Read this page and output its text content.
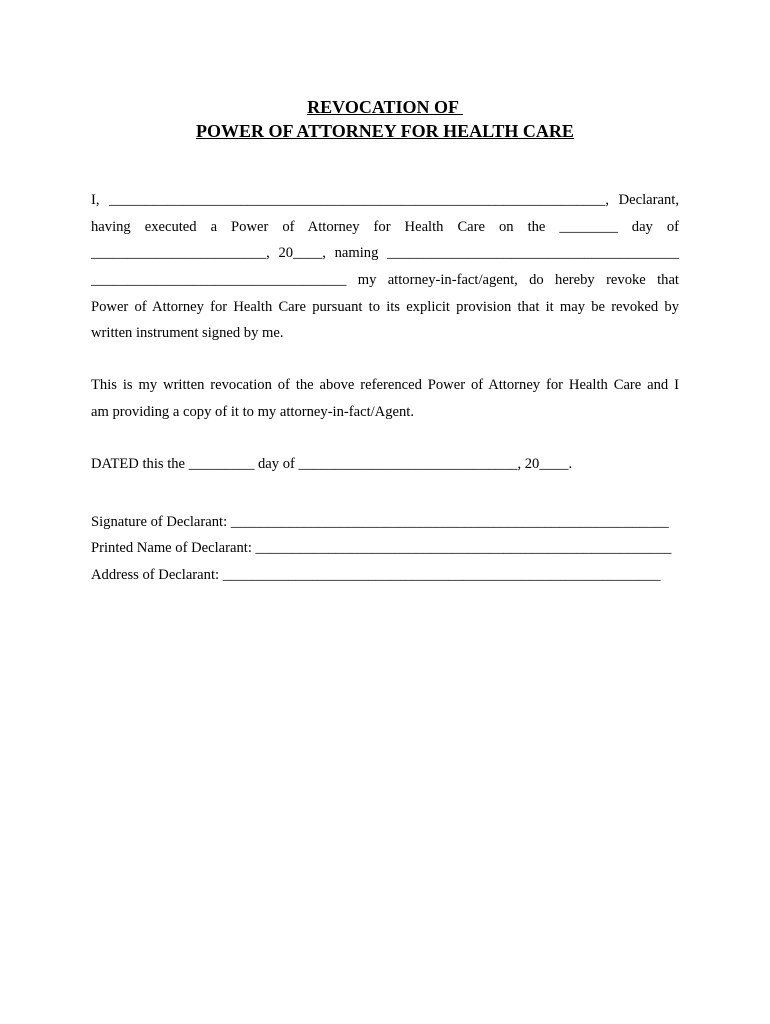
REVOCATION OF
POWER OF ATTORNEY FOR HEALTH CARE
I, ____________________________________________________________________, Declarant,
having executed a Power of Attorney for Health Care on the ________ day of
________________________, 20____, naming ________________________________________
___________________________________ my attorney-in-fact/agent, do hereby revoke that
Power of Attorney for Health Care pursuant to its explicit provision that it may be revoked by
written instrument signed by me.
This is my written revocation of the above referenced Power of Attorney for Health Care and I
am providing a copy of it to my attorney-in-fact/Agent.
DATED this the _________ day of ______________________________, 20____.
Signature of Declarant: ____________________________________________________________
Printed Name of Declarant: _________________________________________________________
Address of Declarant: ____________________________________________________________
